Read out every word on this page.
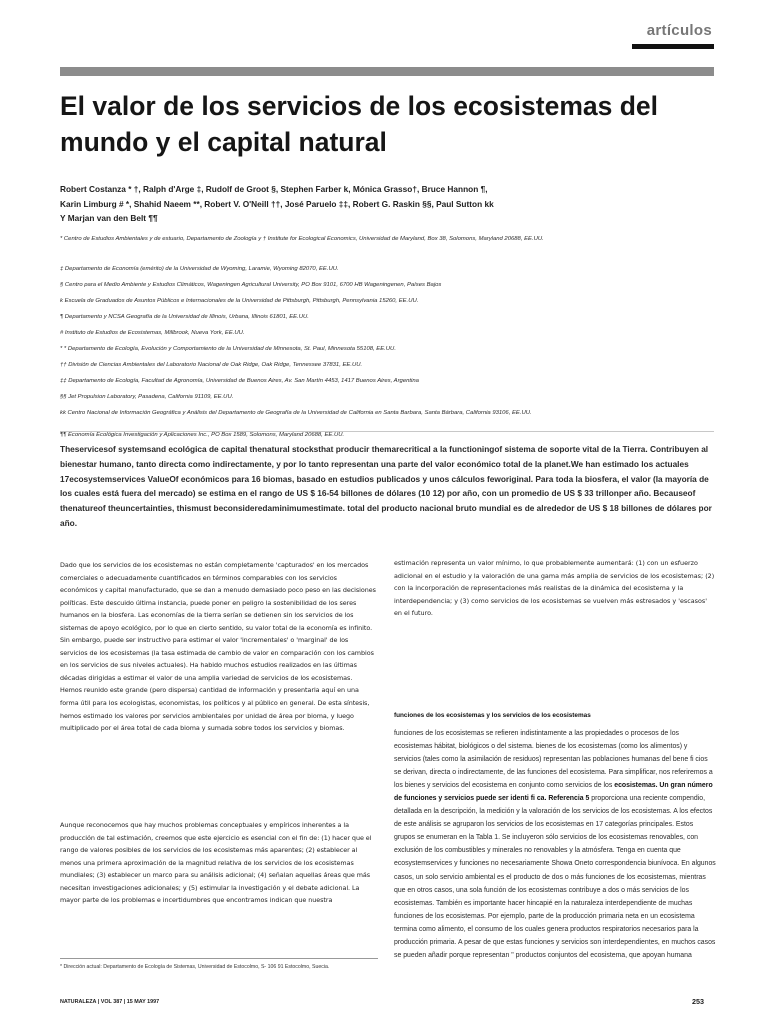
artículos
El valor de los servicios de los ecosistemas del mundo y el capital natural
Robert Costanza * †, Ralph d'Arge ‡, Rudolf de Groot §, Stephen Farber k, Mónica Grasso†, Bruce Hannon ¶,
Karin Limburg # *, Shahid Naeem **, Robert V. O'Neill ††, José Paruelo ‡‡, Robert G. Raskin §§, Paul Sutton kk
Y Marjan van den Belt ¶¶
* Centro de Estudios Ambientales y de estuario, Departamento de Zoología y † Institute for Ecological Economics, Universidad de Maryland, Box 38, Solomons, Maryland 20688, EE.UU.
‡ Departamento de Economía (emérito) de la Universidad de Wyoming, Laramie, Wyoming 82070, EE.UU.
§ Centro para el Medio Ambiente y Estudios Climáticos, Wageningen Agricultural University, PO Box 9101, 6700 HB Wageningenen, Países Bajos
k Escuela de Graduados de Asuntos Públicos e Internacionales de la Universidad de Pittsburgh, Pittsburgh, Pennsylvania 15260, EE.UU.
¶ Departamento y NCSA Geografía de la Universidad de Illinois, Urbana, Illinois 61801, EE.UU.
# Instituto de Estudios de Ecosistemas, Millbrook, Nueva York, EE.UU.
* * Departamento de Ecología, Evolución y Comportamiento de la Universidad de Minnesota, St. Paul, Minnesota 55108, EE.UU.
†† División de Ciencias Ambientales del Laboratorio Nacional de Oak Ridge, Oak Ridge, Tennessee 37831, EE.UU.
‡‡ Departamento de Ecología, Facultad de Agronomía, Universidad de Buenos Aires, Av. San Martín 4453, 1417 Buenos Aires, Argentina
§§ Jet Propulsion Laboratory, Pasadena, California 91109, EE.UU.
kk Centro Nacional de Información Geográfica y Análisis del Departamento de Geografía de la Universidad de California en Santa Barbara, Santa Bárbara, California 93106, EE.UU.
¶¶ Economía Ecológica Investigación y Aplicaciones Inc., PO Box 1589, Solomons, Maryland 20688, EE.UU.

Theservicesof systemsand ecológica de capital thenatural stocksthat producir themarecritical a la functioningof sistema de soporte vital de la Tierra. Contribuyen al bienestar humano, tanto directa como indirectamente, y por lo tanto representan una parte del valor económico total de la planet.We han estimado los actuales 17ecosystemservices ValueOf económicos para 16 biomas, basado en estudios publicados y unos cálculos feworiginal. Para toda la biosfera, el valor (la mayoría de los cuales está fuera del mercado) se estima en el rango de US $ 16-54 billones de dólares (10 12) por año, con un promedio de US $ 33 trillonper año. Becauseof thenatureof theuncertainties, thismust beconsideredaminimumestimate. total del producto nacional bruto mundial es de alrededor de US $ 18 billones de dólares por año.

Dado que los servicios de los ecosistemas no están completamente 'capturados' en los mercados comerciales o adecuadamente cuantificados en términos comparables con los servicios económicos y capital manufacturado, que se dan a menudo demasiado poco peso en las decisiones políticas. Este descuido última instancia, puede poner en peligro la sostenibilidad de los seres humanos en la biosfera. Las economías de la tierra serían se detienen sin los servicios de los sistemas de apoyo ecológico, por lo que en cierto sentido, su valor total de la economía es infinito. Sin embargo, puede ser instructivo para estimar el valor 'incrementales' o 'marginal' de los servicios de los ecosistemas (la tasa estimada de cambio de valor en comparación con los cambios en los servicios de sus niveles actuales). Ha habido muchos estudios realizados en las últimas décadas dirigidas a estimar el valor de una amplia variedad de servicios de los ecosistemas. Hemos reunido este grande (pero dispersa) cantidad de información y presentarla aquí en una forma útil para los ecologistas, economistas, los políticos y al público en general. De esta síntesis, hemos estimado los valores por servicios ambientales por unidad de área por bioma, y luego multiplicado por el área total de cada bioma y sumada sobre todos los servicios y biomas.

Aunque reconocemos que hay muchos problemas conceptuales y empíricos inherentes a la producción de tal estimación, creemos que este ejercicio es esencial con el fin de: (1) hacer que el rango de valores posibles de los servicios de los ecosistemas más aparentes; (2) establecer al menos una primera aproximación de la magnitud relativa de los servicios de los ecosistemas mundiales; (3) establecer un marco para su análisis adicional; (4) señalan aquellas áreas que más necesitan investigaciones adicionales; y (5) estimular la investigación y el debate adicional. La mayor parte de los problemas e incertidumbres que encontramos indican que nuestra

estimación representa un valor mínimo, lo que probablemente aumentará: (1) con un esfuerzo adicional en el estudio y la valoración de una gama más amplia de servicios de los ecosistemas; (2) con la incorporación de representaciones más realistas de la dinámica del ecosistema y la interdependencia; y (3) como servicios de los ecosistemas se vuelven más estresados y 'escasos' en el futuro.

funciones de los ecosistemas y los servicios de los ecosistemas

funciones de los ecosistemas se refieren indistintamente a las propiedades o procesos de los ecosistemas hábitat, biológicos o del sistema. bienes de los ecosistemas (como los alimentos) y servicios (tales como la asimilación de residuos) representan las poblaciones humanas del bene fi cios se derivan, directa o indirectamente, de las funciones del ecosistema. Para simplificar, nos referiremos a los bienes y servicios del ecosistema en conjunto como servicios de los ecosistemas. Un gran número de funciones y servicios puede ser identi fi ca. Referencia 5 proporciona una reciente compendio, detallada en la descripción, la medición y la valoración de los servicios de los ecosistemas. A los efectos de este análisis se agruparon los servicios de los ecosistemas en 17 categorías principales. Estos grupos se enumeran en la Tabla 1. Se incluyeron sólo servicios de los ecosistemas renovables, con exclusión de los combustibles y minerales no renovables y la atmósfera. Tenga en cuenta que ecosystemservices y funciones no necesariamente Showa Oneto correspondencia biunívoca. En algunos casos, un solo servicio ambiental es el producto de dos o más funciones de los ecosistemas, mientras que en otros casos, una sola función de los ecosistemas contribuye a dos o más servicios de los ecosistemas. También es importante hacer hincapié en la naturaleza interdependiente de muchas funciones de los ecosistemas. Por ejemplo, parte de la producción primaria neta en un ecosistema termina como alimento, el consumo de los cuales genera productos respiratorios necesarios para la producción primaria. A pesar de que estas funciones y servicios son interdependientes, en muchos casos se pueden añadir porque representan " productos conjuntos del ecosistema, que apoyan humana

* Dirección actual: Departamento de Ecología de Sistemas, Universidad de Estocolmo, S- 106 91 Estocolmo, Suecia.
NATURALEZA | VOL 387 | 15 MAY 1997	253
